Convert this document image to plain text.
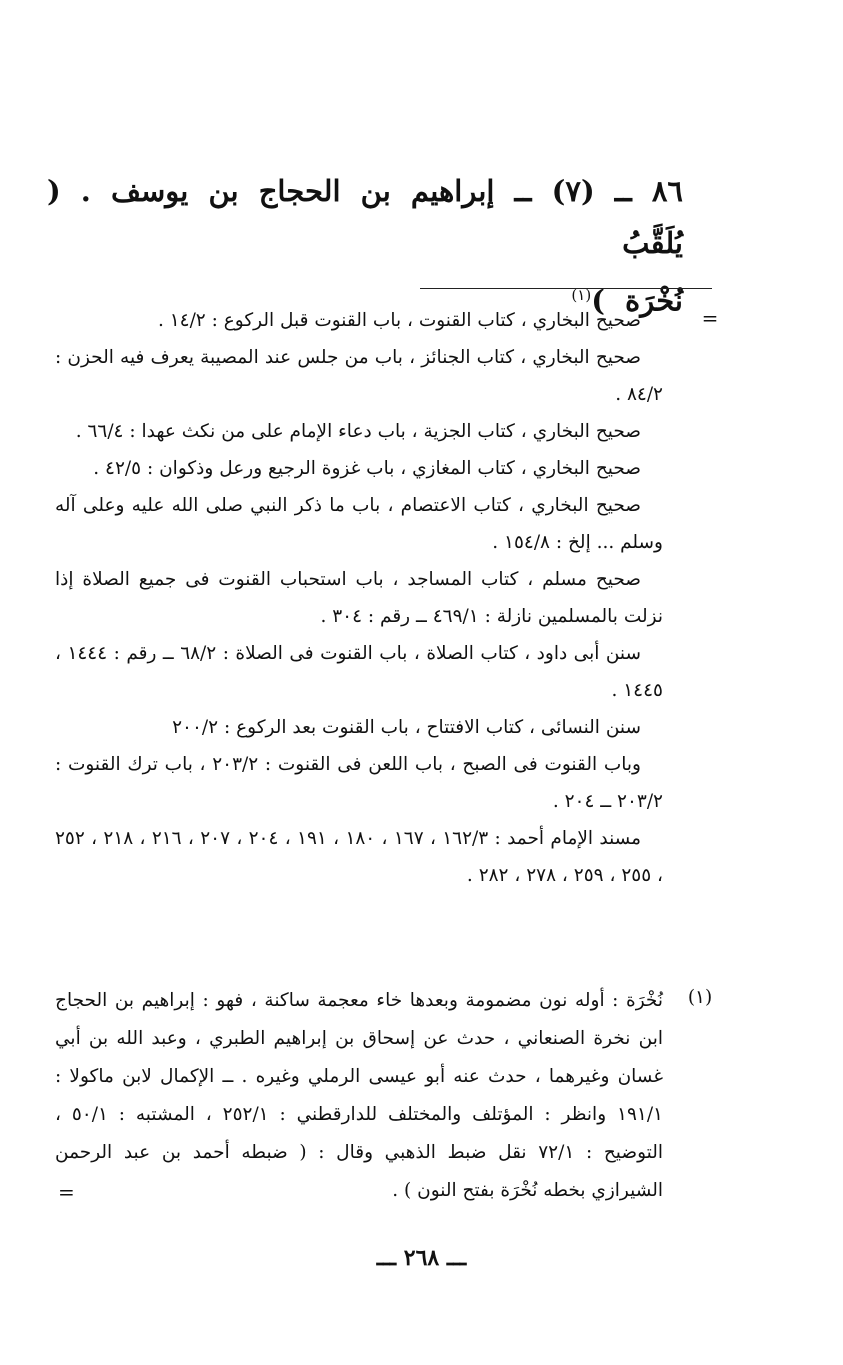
٨٦ ــ (٧) ــ إبراهيم بن الحجاج بن يوسف . ( يُلَقَّبُ
نُخْرَة )$^{(١)}$
=

صحيح البخاري ، كتاب القنوت ، باب القنوت قبل الركوع : ١٤/٢ .

صحيح البخاري ، كتاب الجنائز ، باب من جلس عند المصيبة يعرف فيه الحزن : ٨٤/٢ .

صحيح البخاري ، كتاب الجزية ، باب دعاء الإمام على من نكث عهدا : ٦٦/٤ .

صحيح البخاري ، كتاب المغازي ، باب غزوة الرجيع ورعل وذكوان : ٤٢/٥ .

صحيح البخاري ، كتاب الاعتصام ، باب ما ذكر النبي صلى الله عليه وعلى آله وسلم ... إلخ : ١٥٤/٨ .

صحيح مسلم ، كتاب المساجد ، باب استحباب القنوت فى جميع الصلاة إذا نزلت بالمسلمين نازلة : ٤٦٩/١ ــ رقم : ٣٠٤ .

سنن أبى داود ، كتاب الصلاة ، باب القنوت فى الصلاة : ٦٨/٢ ــ رقم : ١٤٤٤ ، ١٤٤٥ .

سنن النسائى ، كتاب الافتتاح ، باب القنوت بعد الركوع : ٢٠٠/٢

وباب القنوت فى الصبح ، باب اللعن فى القنوت : ٢٠٣/٢ ، باب ترك القنوت : ٢٠٣/٢ ــ ٢٠٤ .

مسند الإمام أحمد : ١٦٢/٣ ، ١٦٧ ، ١٨٠ ، ١٩١ ، ٢٠٤ ، ٢٠٧ ، ٢١٦ ، ٢١٨ ، ٢٥٢ ، ٢٥٥ ، ٢٥٩ ، ٢٧٨ ، ٢٨٢ .

(١)

نُخْرَة : أوله نون مضمومة وبعدها خاء معجمة ساكنة ، فهو : إبراهيم بن الحجاج ابن نخرة الصنعاني ، حدث عن إسحاق بن إبراهيم الطبري ، وعبد الله بن أبي غسان وغيرهما ، حدث عنه أبو عيسى الرملي وغيره . ــ الإكمال لابن ماكولا : ١٩١/١ وانظر : المؤتلف والمختلف للدارقطني : ٢٥٢/١ ، المشتبه : ٥٠/١ ، التوضيح : ٧٢/١ نقل ضبط الذهبي وقال : ( ضبطه أحمد بن عبد الرحمن الشيرازي بخطه نُخْرَة بفتح النون ) .

=
ـــ ٢٦٨ ـــ
